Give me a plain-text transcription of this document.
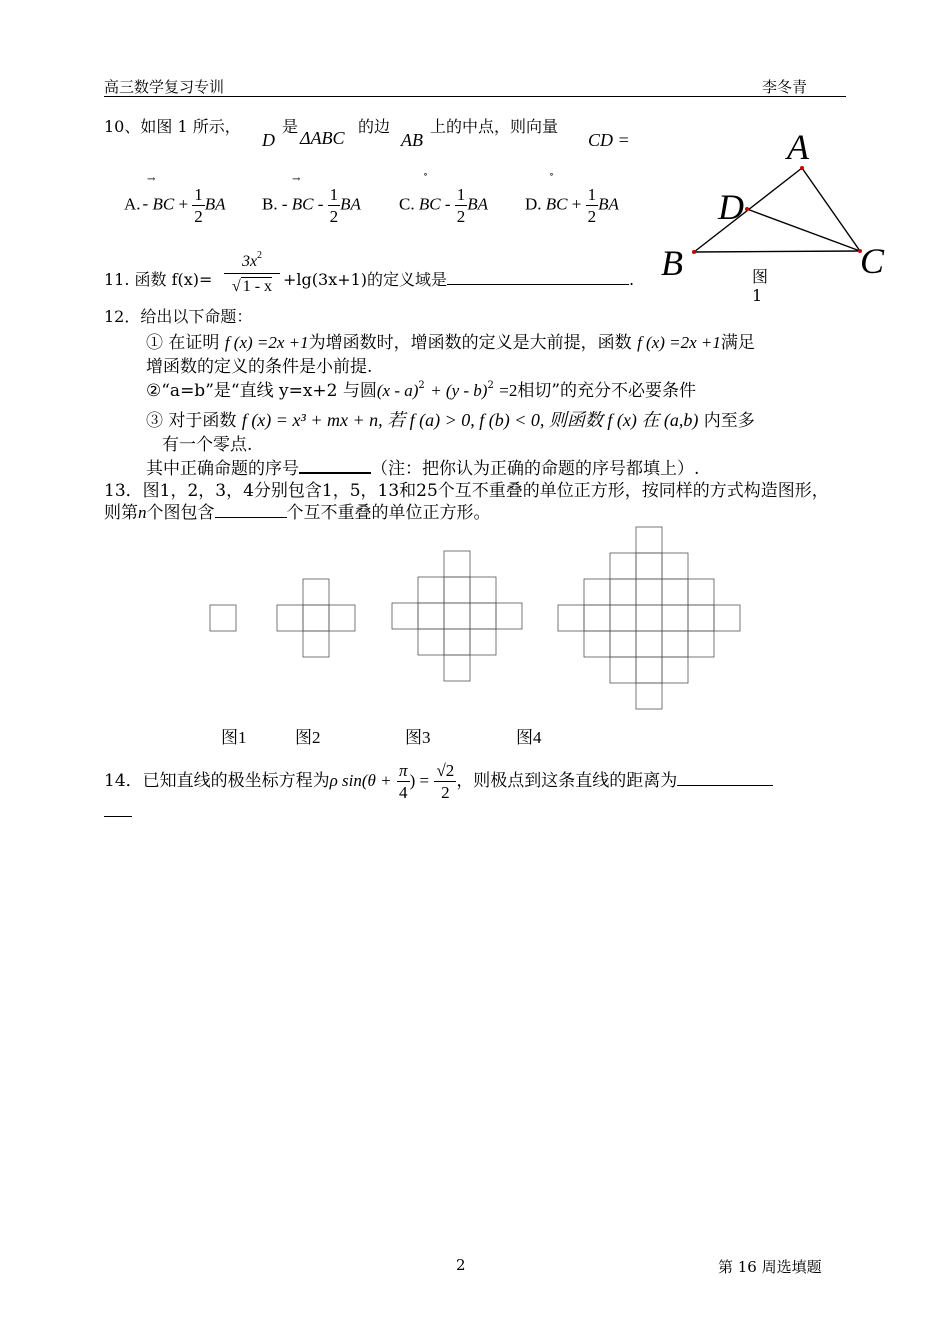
高三数学复习专训	李冬青
10、如图 1 所示，
D
是
ΔABC
的边
AB
上的中点，则向量
CD =
A. - BC + $\frac{1}{2}$ BA
→
B. - BC - $\frac{1}{2}$ BA
→
C. BC - $\frac{1}{2}$ BA
˚
D. BC + $\frac{1}{2}$ BA
˚
A
D
B	C
图
1
11. 函数 f(x)=
$3x^2$
√ 1 - x +lg(3x+1)的定义域是	.
12．给出以下命题：
① 在证明 f (x) =2x +1为增函数时，增函数的定义是大前提，函数 f (x) =2x +1满足
增函数的定义的条件是小前提.
②“a=b”是“直线 y=x+2 与圆(x - a)$^2$ + (y - b)$^2$ =2相切”的充分不必要条件
③ 对于函数 f (x) = x³ + mx + n, 若 f (a) > 0, f (b) < 0, 则函数 f (x) 在 (a,b) 内至多
有一个零点.
其中正确命题的序号	（注：把你认为正确的命题的序号都填上）.
13．图1，2，3，4分别包含1，5，13和25个互不重叠的单位正方形，按同样的方式构造图形，
则第n个图包含	个互不重叠的单位正方形。
图1	图2	图3	图4
14．已知直线的极坐标方程为ρ $\sin(\theta + \frac{\pi}{4}$ ) = $\frac{√2}{2}$ ，则极点到这条直线的距离为
2	第 16 周选填题
